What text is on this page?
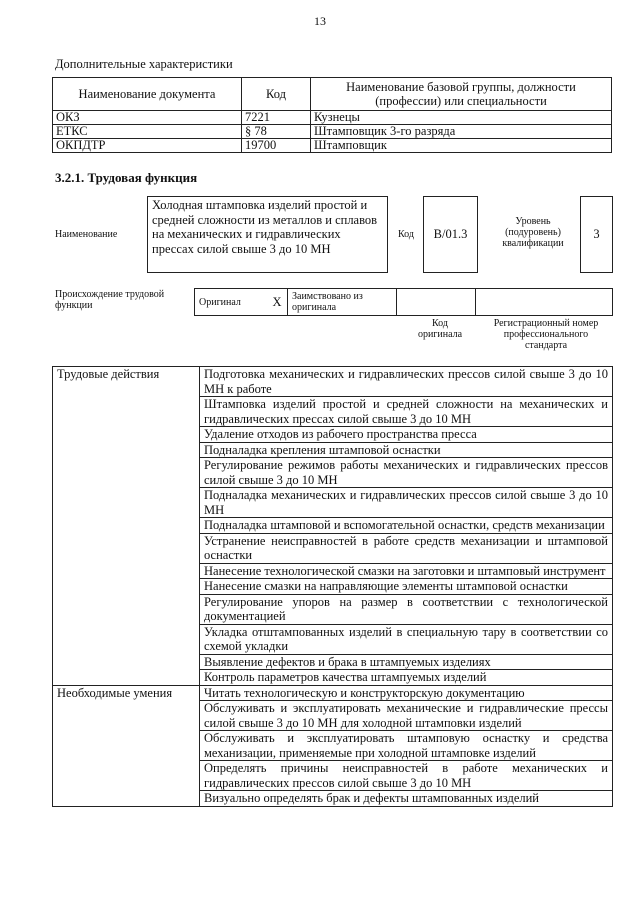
13
Дополнительные характеристики
Наименование документа	Код	Наименование базовой группы, должности (профессии) или специальности
ОКЗ	7221	Кузнецы
ЕТКС	§ 78	Штамповщик 3-го разряда
ОКПДТР	19700	Штамповщик
3.2.1. Трудовая функция
Наименование
Холодная штамповка изделий простой и средней сложности из металлов и сплавов на механических и гидравлических прессах силой свыше 3 до 10 МН
Код	B/01.3
Уровень (подуровень) квалификации
3
Происхождение трудовой функции	Оригинал	X	Заимствовано из оригинала		
Код оригинала
Регистрационный номер профессионального стандарта
Трудовые действия	Подготовка механических и гидравлических прессов силой свыше 3 до 10 МН к работе
	Штамповка изделий простой и средней сложности на механических и гидравлических прессах силой свыше 3 до 10 МН
	Удаление отходов из рабочего пространства пресса
	Подналадка крепления штамповой оснастки
	Регулирование режимов работы механических и гидравлических прессов силой свыше 3 до 10 МН
	Подналадка механических и гидравлических прессов силой свыше 3 до 10 МН
	Подналадка штамповой и вспомогательной оснастки, средств механизации
	Устранение неисправностей в работе средств механизации и штамповой оснастки
	Нанесение технологической смазки на заготовки и штамповый инструмент
	Нанесение смазки на направляющие элементы штамповой оснастки
	Регулирование упоров на размер в соответствии с технологической документацией
	Укладка отштампованных изделий в специальную тару в соответствии со схемой укладки
	Выявление дефектов и брака в штампуемых изделиях
	Контроль параметров качества штампуемых изделий
Необходимые умения	Читать технологическую и конструкторскую документацию
	Обслуживать и эксплуатировать механические и гидравлические прессы силой свыше 3 до 10 МН для холодной штамповки изделий
	Обслуживать и эксплуатировать штамповую оснастку и средства механизации, применяемые при холодной штамповке изделий
	Определять причины неисправностей в работе механических и гидравлических прессов силой свыше 3 до 10 МН
	Визуально определять брак и дефекты штампованных изделий
